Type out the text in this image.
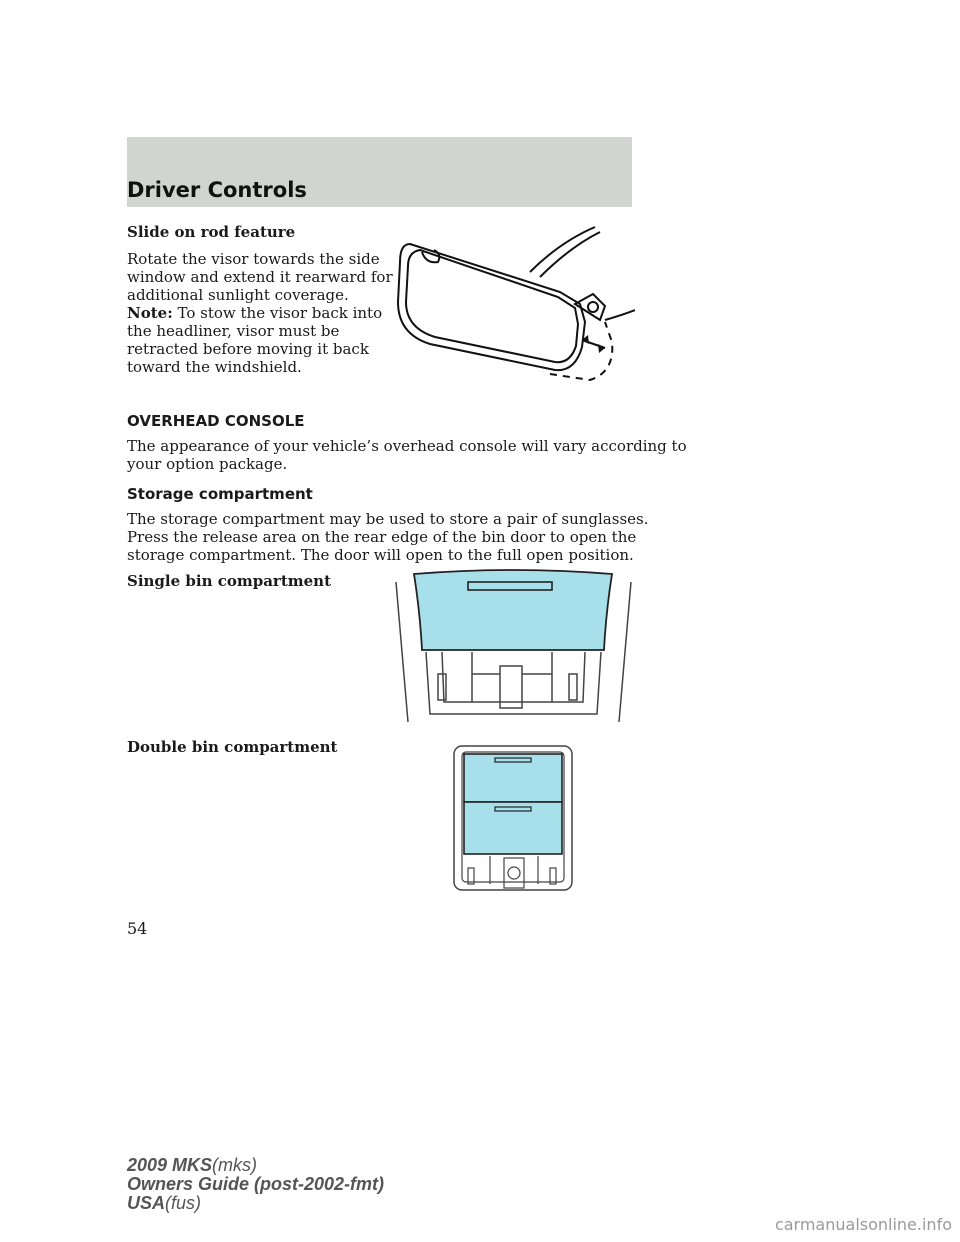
Driver Controls
Slide on rod feature
Rotate the visor towards the side
window and extend it rearward for
additional sunlight coverage.
Note: To stow the visor back into
the headliner, visor must be
retracted before moving it back
toward the windshield.
OVERHEAD CONSOLE
The appearance of your vehicle’s overhead console will vary according to
your option package.
Storage compartment
The storage compartment may be used to store a pair of sunglasses.
Press the release area on the rear edge of the bin door to open the
storage compartment. The door will open to the full open position.
Single bin compartment
Double bin compartment
54
2009 MKS(mks)
Owners Guide (post-2002-fmt)
USA(fus)
carmanualsonline.info
